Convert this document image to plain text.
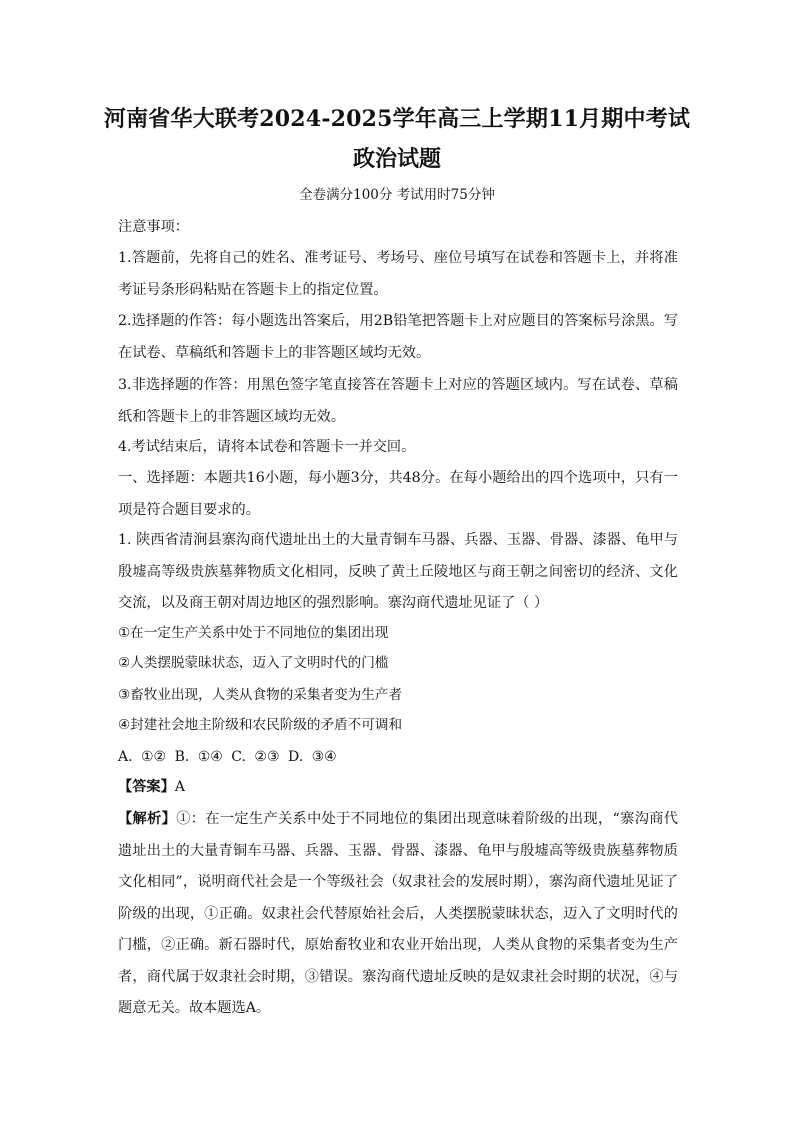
河南省华大联考2024-2025学年高三上学期11月期中考试
政治试题
全卷满分100分 考试用时75分钟
注意事项：
1.答题前，先将自己的姓名、准考证号、考场号、座位号填写在试卷和答题卡上，并将准考证号条形码粘贴在答题卡上的指定位置。
2.选择题的作答：每小题选出答案后，用2B铅笔把答题卡上对应题目的答案标号涂黑。写在试卷、草稿纸和答题卡上的非答题区域均无效。
3.非选择题的作答：用黑色签字笔直接答在答题卡上对应的答题区域内。写在试卷、草稿纸和答题卡上的非答题区域均无效。
4.考试结束后，请将本试卷和答题卡一并交回。
一、选择题：本题共16小题，每小题3分，共48分。在每小题给出的四个选项中，只有一项是符合题目要求的。
1. 陕西省清涧县寨沟商代遗址出土的大量青铜车马器、兵器、玉器、骨器、漆器、龟甲与殷墟高等级贵族墓葬物质文化相同，反映了黄土丘陵地区与商王朝之间密切的经济、文化交流，以及商王朝对周边地区的强烈影响。寨沟商代遗址见证了（ ）
①在一定生产关系中处于不同地位的集团出现
②人类摆脱蒙昧状态，迈入了文明时代的门槛
③畜牧业出现，人类从食物的采集者变为生产者
④封建社会地主阶级和农民阶级的矛盾不可调和
A. ①② B. ①④ C. ②③ D. ③④
【答案】A
【解析】①：在一定生产关系中处于不同地位的集团出现意味着阶级的出现，“寨沟商代遗址出土的大量青铜车马器、兵器、玉器、骨器、漆器、龟甲与殷墟高等级贵族墓葬物质文化相同”，说明商代社会是一个等级社会（奴隶社会的发展时期），寨沟商代遗址见证了阶级的出现，①正确。奴隶社会代替原始社会后，人类摆脱蒙昧状态，迈入了文明时代的门槛，②正确。新石器时代，原始畜牧业和农业开始出现，人类从食物的采集者变为生产者，商代属于奴隶社会时期，③错误。寨沟商代遗址反映的是奴隶社会时期的状况，④与题意无关。故本题选A。
